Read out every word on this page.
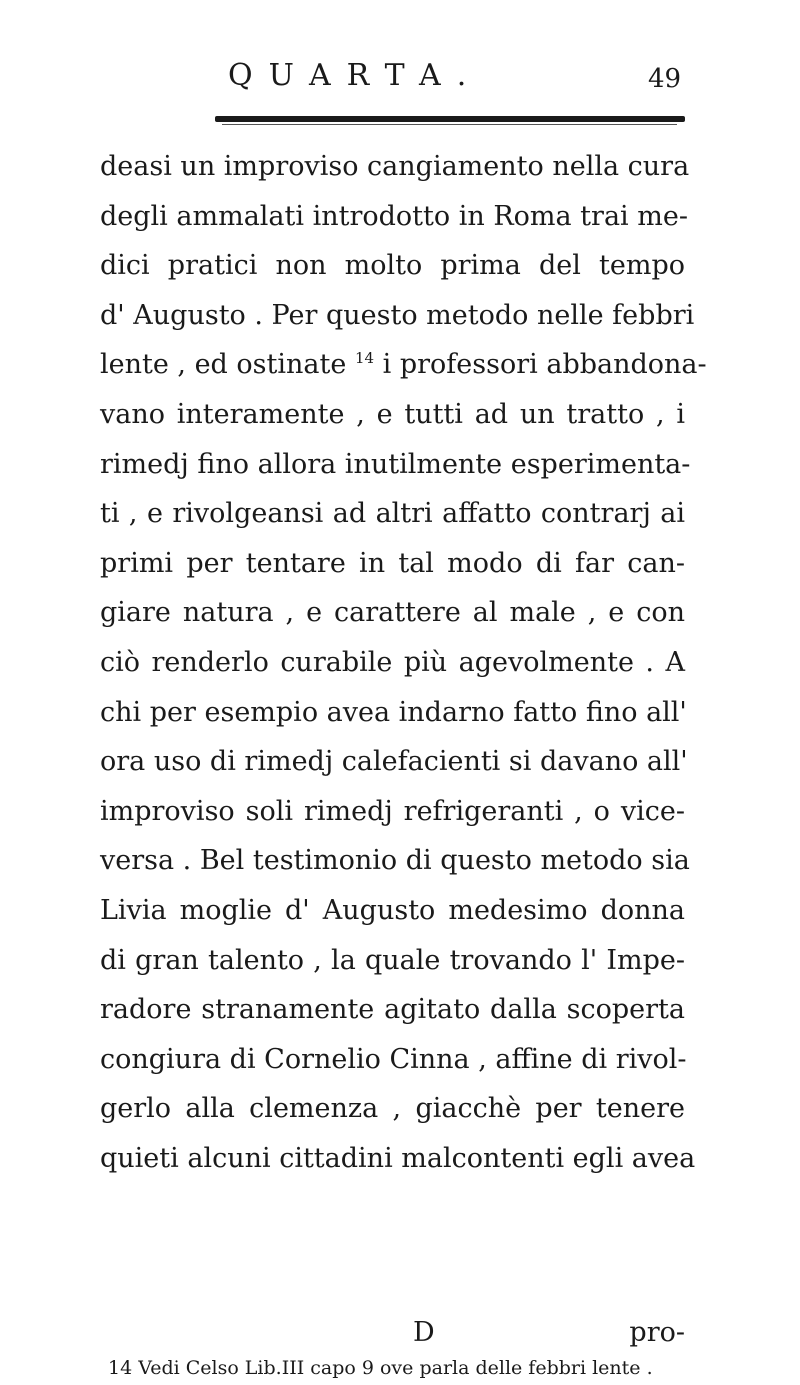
QUARTA.	49
deasi un improviso cangiamento nella cura
degli ammalati introdotto in Roma trai me-
dici pratici non molto prima del tempo
d' Augusto . Per questo metodo nelle febbri
lente , ed ostinate $^{14}$ i professori abbandona-
vano interamente , e tutti ad un tratto , i
rimedj fino allora inutilmente esperimenta-
ti , e rivolgeansi ad altri affatto contrarj ai
primi per tentare in tal modo di far can-
giare natura , e carattere al male , e con
ciò renderlo curabile più agevolmente . A
chi per esempio avea indarno fatto fino all'
ora uso di rimedj calefacienti si davano all'
improviso soli rimedj refrigeranti , o vice-
versa . Bel testimonio di questo metodo sia
Livia moglie d' Augusto medesimo donna
di gran talento , la quale trovando l' Impe-
radore stranamente agitato dalla scoperta
congiura di Cornelio Cinna , affine di rivol-
gerlo alla clemenza , giacchè per tenere
quieti alcuni cittadini malcontenti egli avea
D	pro-
14 Vedi Celso Lib.III capo 9 ove parla delle febbri lente .
